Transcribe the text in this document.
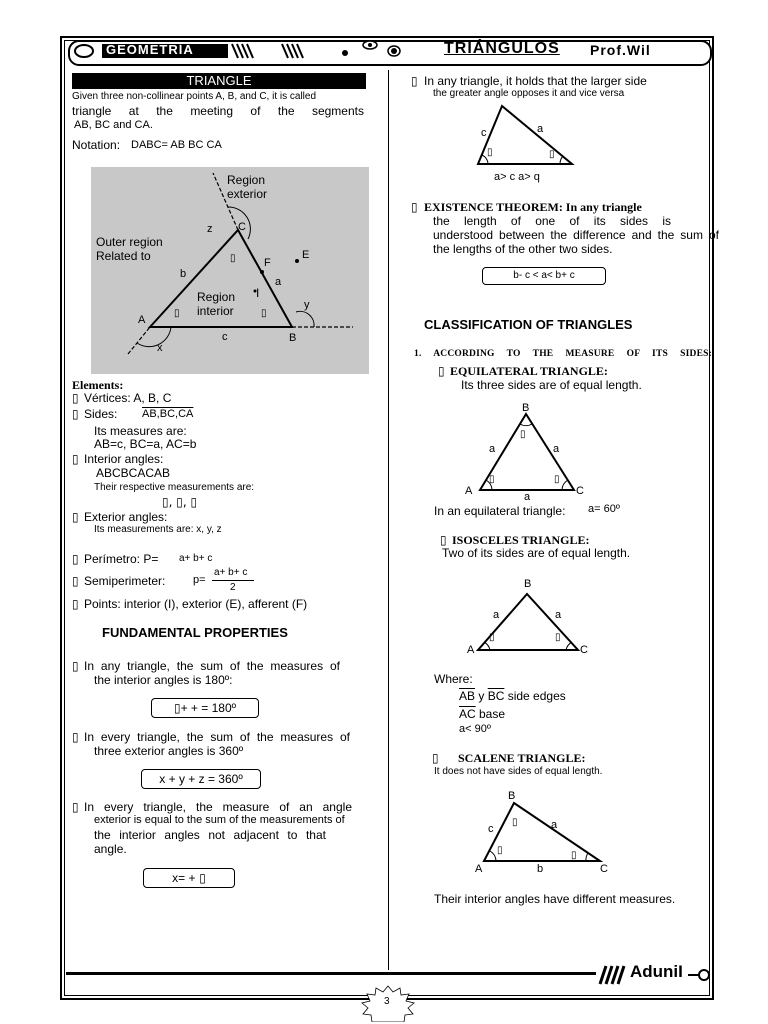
GEOMETRÍA	TRIÁNGULOS Prof.Wil
TRIANGLE
Given three non-collinear points A, B, and C, it is called
triangle at the meeting of the segments
AB, BC and CA.
Notation: DABC= AB BC CA
Region
exterior
Outer region
Related to
Region
interior
A
B
C
E
F
I
a
b
c
x
y
z
▯
▯
▯
Elements:
▯ Vértices: A, B, C
▯ Sides: AB,BC,CA
Its measures are:
AB=c, BC=a, AC=b
▯ Interior angles:
ABCBCACAB
Their respective measurements are:
▯, ▯, ▯
▯ Exterior angles:
Its measurements are: x, y, z
▯ Perímetro: P= a+ b+ c
▯ Semiperimeter:	p=
a+ b+ c
2
▯ Points: interior (I), exterior (E), afferent (F)
FUNDAMENTAL PROPERTIES
▯ In any triangle, the sum of the measures of
the interior angles is 180º:
▯+ + = 180º
▯ In every triangle, the sum of the measures of
three exterior angles is 360º
x + y + z = 360º
▯ In every triangle, the measure of an angle
exterior is equal to the sum of the measurements of
the interior angles not adjacent to that
angle.
x= + ▯
▯ In any triangle, it holds that the larger side
the greater angle opposes it and vice versa
c	a
▯	▯
a> c a> q
▯ EXISTENCE THEOREM: In any triangle
the length of one of its sides is
understood between the difference and the sum of
the lengths of the other two sides.
b- c < a< b+ c
CLASSIFICATION OF TRIANGLES
1. ACCORDING TO THE MEASURE OF ITS SIDES:
▯ EQUILATERAL TRIANGLE:
Its three sides are of equal length.
B
A	C
a	a
a
▯
▯	▯
In an equilateral triangle: a= 60º
▯ ISOSCELES TRIANGLE:
Two of its sides are of equal length.
B
A	C
a	a
▯	▯
Where:
$\overline{AB}$ y $\overline{BC}$ side edges
$\overline{AC}$ base
a< 90º
▯ SCALENE TRIANGLE:
It does not have sides of equal length.
B
A	C
c	a
b
▯
▯	▯
Their interior angles have different measures.
AduniI
3
